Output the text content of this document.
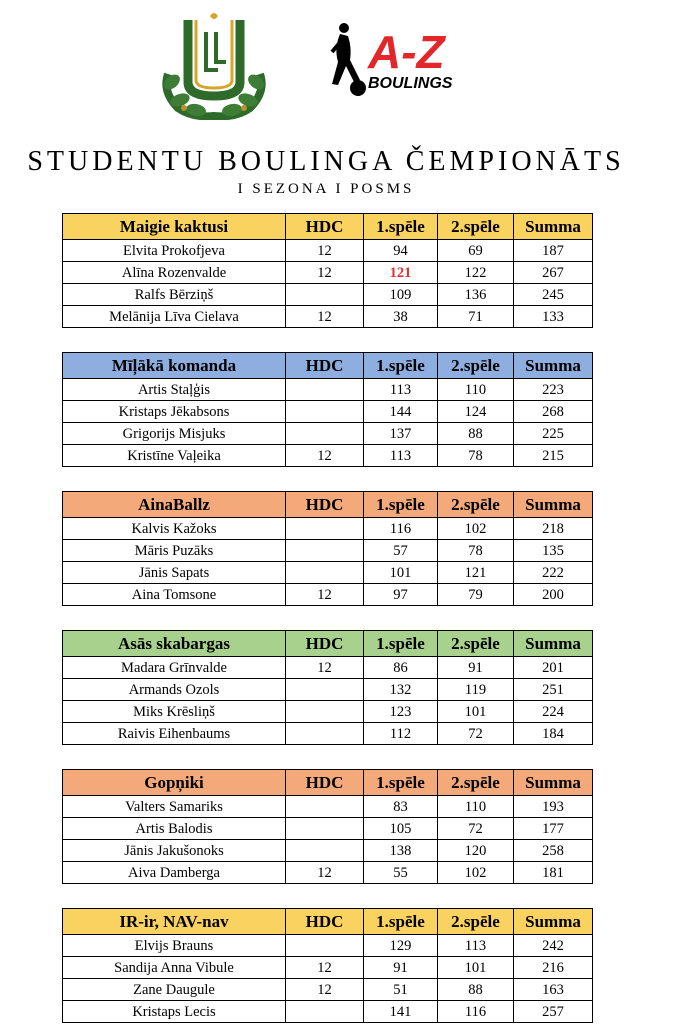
A-Z
BOULINGS
STUDENTU BOULINGA ČEMPIONĀTS
I SEZONA I POSMS
Maigie kaktusi	HDC	1.spēle	2.spēle	Summa
Elvita Prokofjeva	12	94	69	187
Alīna Rozenvalde	12	121	122	267
Ralfs Bērziņš		109	136	245
Melānija Līva Cielava	12	38	71	133
Mīļākā komanda	HDC	1.spēle	2.spēle	Summa
Artis Staļģis		113	110	223
Kristaps Jēkabsons		144	124	268
Grigorijs Misjuks		137	88	225
Kristīne Vaļeika	12	113	78	215
AinaBallz	HDC	1.spēle	2.spēle	Summa
Kalvis Kažoks		116	102	218
Māris Puzāks		57	78	135
Jānis Sapats		101	121	222
Aina Tomsone	12	97	79	200
Asās skabargas	HDC	1.spēle	2.spēle	Summa
Madara Grīnvalde	12	86	91	201
Armands Ozols		132	119	251
Miks Krēsliņš		123	101	224
Raivis Eihenbaums		112	72	184
Gopņiki	HDC	1.spēle	2.spēle	Summa
Valters Samariks		83	110	193
Artis Balodis		105	72	177
Jānis Jakušonoks		138	120	258
Aiva Damberga	12	55	102	181
IR-ir, NAV-nav	HDC	1.spēle	2.spēle	Summa
Elvijs Brauns		129	113	242
Sandija Anna Vibule	12	91	101	216
Zane Daugule	12	51	88	163
Kristaps Lecis		141	116	257
